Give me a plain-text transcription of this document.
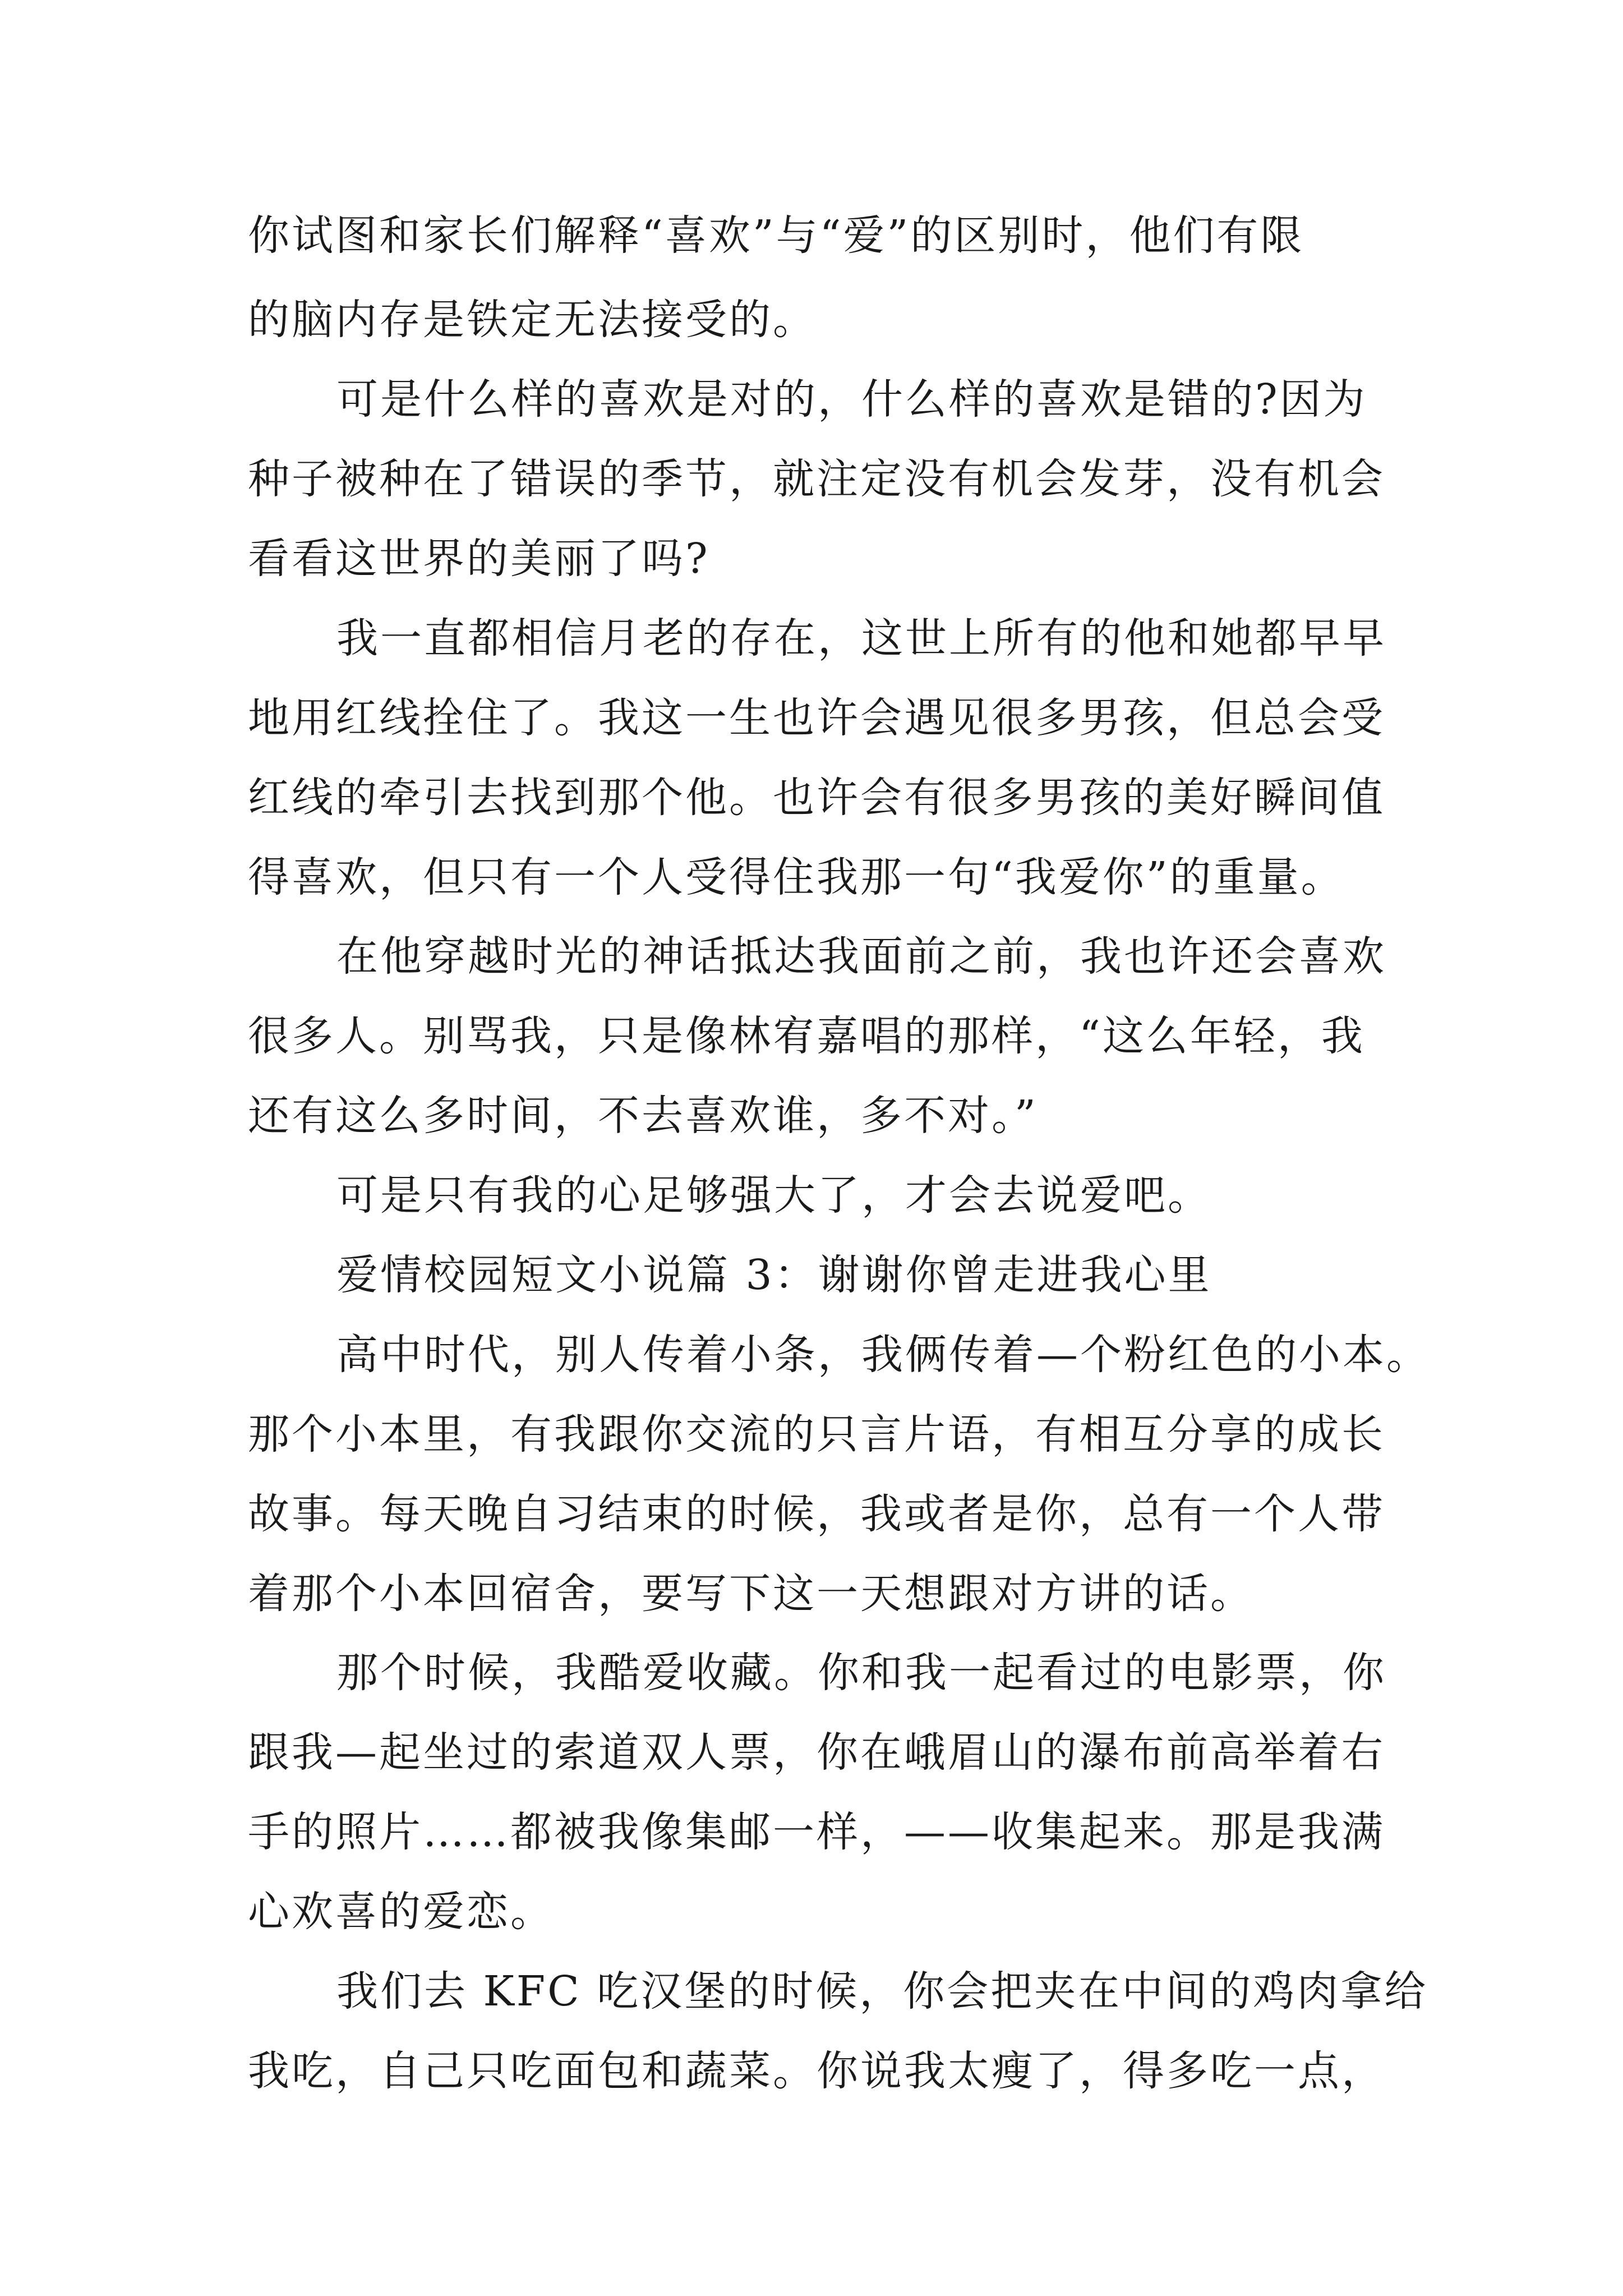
你试图和家长们解释“喜欢”与“爱”的区别时，他们有限

的脑内存是铁定无法接受的。

可是什么样的喜欢是对的，什么样的喜欢是错的?因为

种子被种在了错误的季节，就注定没有机会发芽，没有机会

看看这世界的美丽了吗?

我一直都相信月老的存在，这世上所有的他和她都早早

地用红线拴住了。我这一生也许会遇见很多男孩，但总会受

红线的牵引去找到那个他。也许会有很多男孩的美好瞬间值

得喜欢，但只有一个人受得住我那一句“我爱你”的重量。

在他穿越时光的神话抵达我面前之前，我也许还会喜欢

很多人。别骂我，只是像林宥嘉唱的那样，“这么年轻，我

还有这么多时间，不去喜欢谁，多不对。”

可是只有我的心足够强大了，才会去说爱吧。

爱情校园短文小说篇 3：谢谢你曾走进我心里

高中时代，别人传着小条，我俩传着—个粉红色的小本。

那个小本里，有我跟你交流的只言片语，有相互分享的成长

故事。每天晚自习结束的时候，我或者是你，总有一个人带

着那个小本回宿舍，要写下这一天想跟对方讲的话。

那个时候，我酷爱收藏。你和我一起看过的电影票，你

跟我—起坐过的索道双人票，你在峨眉山的瀑布前高举着右

手的照片……都被我像集邮一样，——收集起来。那是我满

心欢喜的爱恋。

我们去 KFC 吃汉堡的时候，你会把夹在中间的鸡肉拿给

我吃，自己只吃面包和蔬菜。你说我太瘦了，得多吃一点，
